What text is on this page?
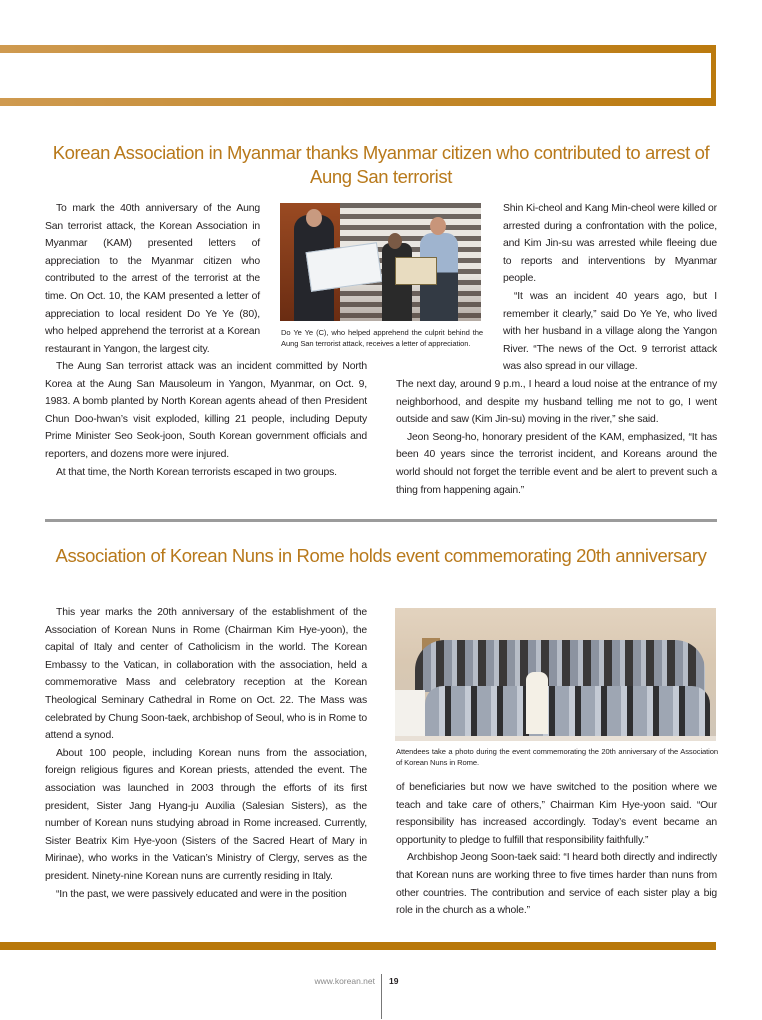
Korean Association in Myanmar thanks Myanmar citizen who contributed to arrest of Aung San terrorist

To mark the 40th anniversary of the Aung San terrorist attack, the Korean Association in Myanmar (KAM) presented letters of appreciation to the Myanmar citizen who contributed to the arrest of the terrorist at the time. On Oct. 10, the KAM presented a letter of appreciation to local resident Do Ye Ye (80), who helped apprehend the terrorist at a Korean restaurant in Yangon, the largest city.

Do Ye Ye (C), who helped apprehend the culprit behind the Aung San terrorist attack, receives a letter of appreciation.

The Aung San terrorist attack was an incident committed by North Korea at the Aung San Mausoleum in Yangon, Myanmar, on Oct. 9, 1983. A bomb planted by North Korean agents ahead of then President Chun Doo-hwan’s visit exploded, killing 21 people, including Deputy Prime Minister Seo Seok-joon, South Korean government officials and reporters, and dozens more were injured.

At that time, the North Korean terrorists escaped in two groups.

Shin Ki-cheol and Kang Min-cheol were killed or arrested during a confrontation with the police, and Kim Jin-su was arrested while fleeing due to reports and interventions by Myanmar people.

“It was an incident 40 years ago, but I remember it clearly,” said Do Ye Ye, who lived with her husband in a village along the Yangon River. “The news of the Oct. 9 terrorist attack was also spread in our village.

The next day, around 9 p.m., I heard a loud noise at the entrance of my neighborhood, and despite my husband telling me not to go, I went outside and saw (Kim Jin-su) moving in the river,” she said.

Jeon Seong-ho, honorary president of the KAM, emphasized, “It has been 40 years since the terrorist incident, and Koreans around the world should not forget the terrible event and be alert to prevent such a thing from happening again.”

Association of Korean Nuns in Rome holds event commemorating 20th anniversary

This year marks the 20th anniversary of the establishment of the Association of Korean Nuns in Rome (Chairman Kim Hye-yoon), the capital of Italy and center of Catholicism in the world. The Korean Embassy to the Vatican, in collaboration with the association, held a commemorative Mass and celebratory reception at the Korean Theological Seminary Cathedral in Rome on Oct. 22. The Mass was celebrated by Chung Soon-taek, archbishop of Seoul, who is in Rome to attend a synod.

About 100 people, including Korean nuns from the association, foreign religious figures and Korean priests, attended the event. The association was launched in 2003 through the efforts of its first president, Sister Jang Hyang-ju Auxilia (Salesian Sisters), as the number of Korean nuns studying abroad in Rome increased. Currently, Sister Beatrix Kim Hye-yoon (Sisters of the Sacred Heart of Mary in Mirinae), who works in the Vatican’s Ministry of Clergy, serves as the president. Ninety-nine Korean nuns are currently residing in Italy.

“In the past, we were passively educated and were in the position

Attendees take a photo during the event commemorating the 20th anniversary of the Association of Korean Nuns in Rome.

of beneficiaries but now we have switched to the position where we teach and take care of others,” Chairman Kim Hye-yoon said. “Our responsibility has increased accordingly. Today’s event became an opportunity to pledge to fulfill that responsibility faithfully.”

Archbishop Jeong Soon-taek said: “I heard both directly and indirectly that Korean nuns are working three to five times harder than nuns from other countries. The contribution and service of each sister play a big role in the church as a whole.”

www.korean.net 19
